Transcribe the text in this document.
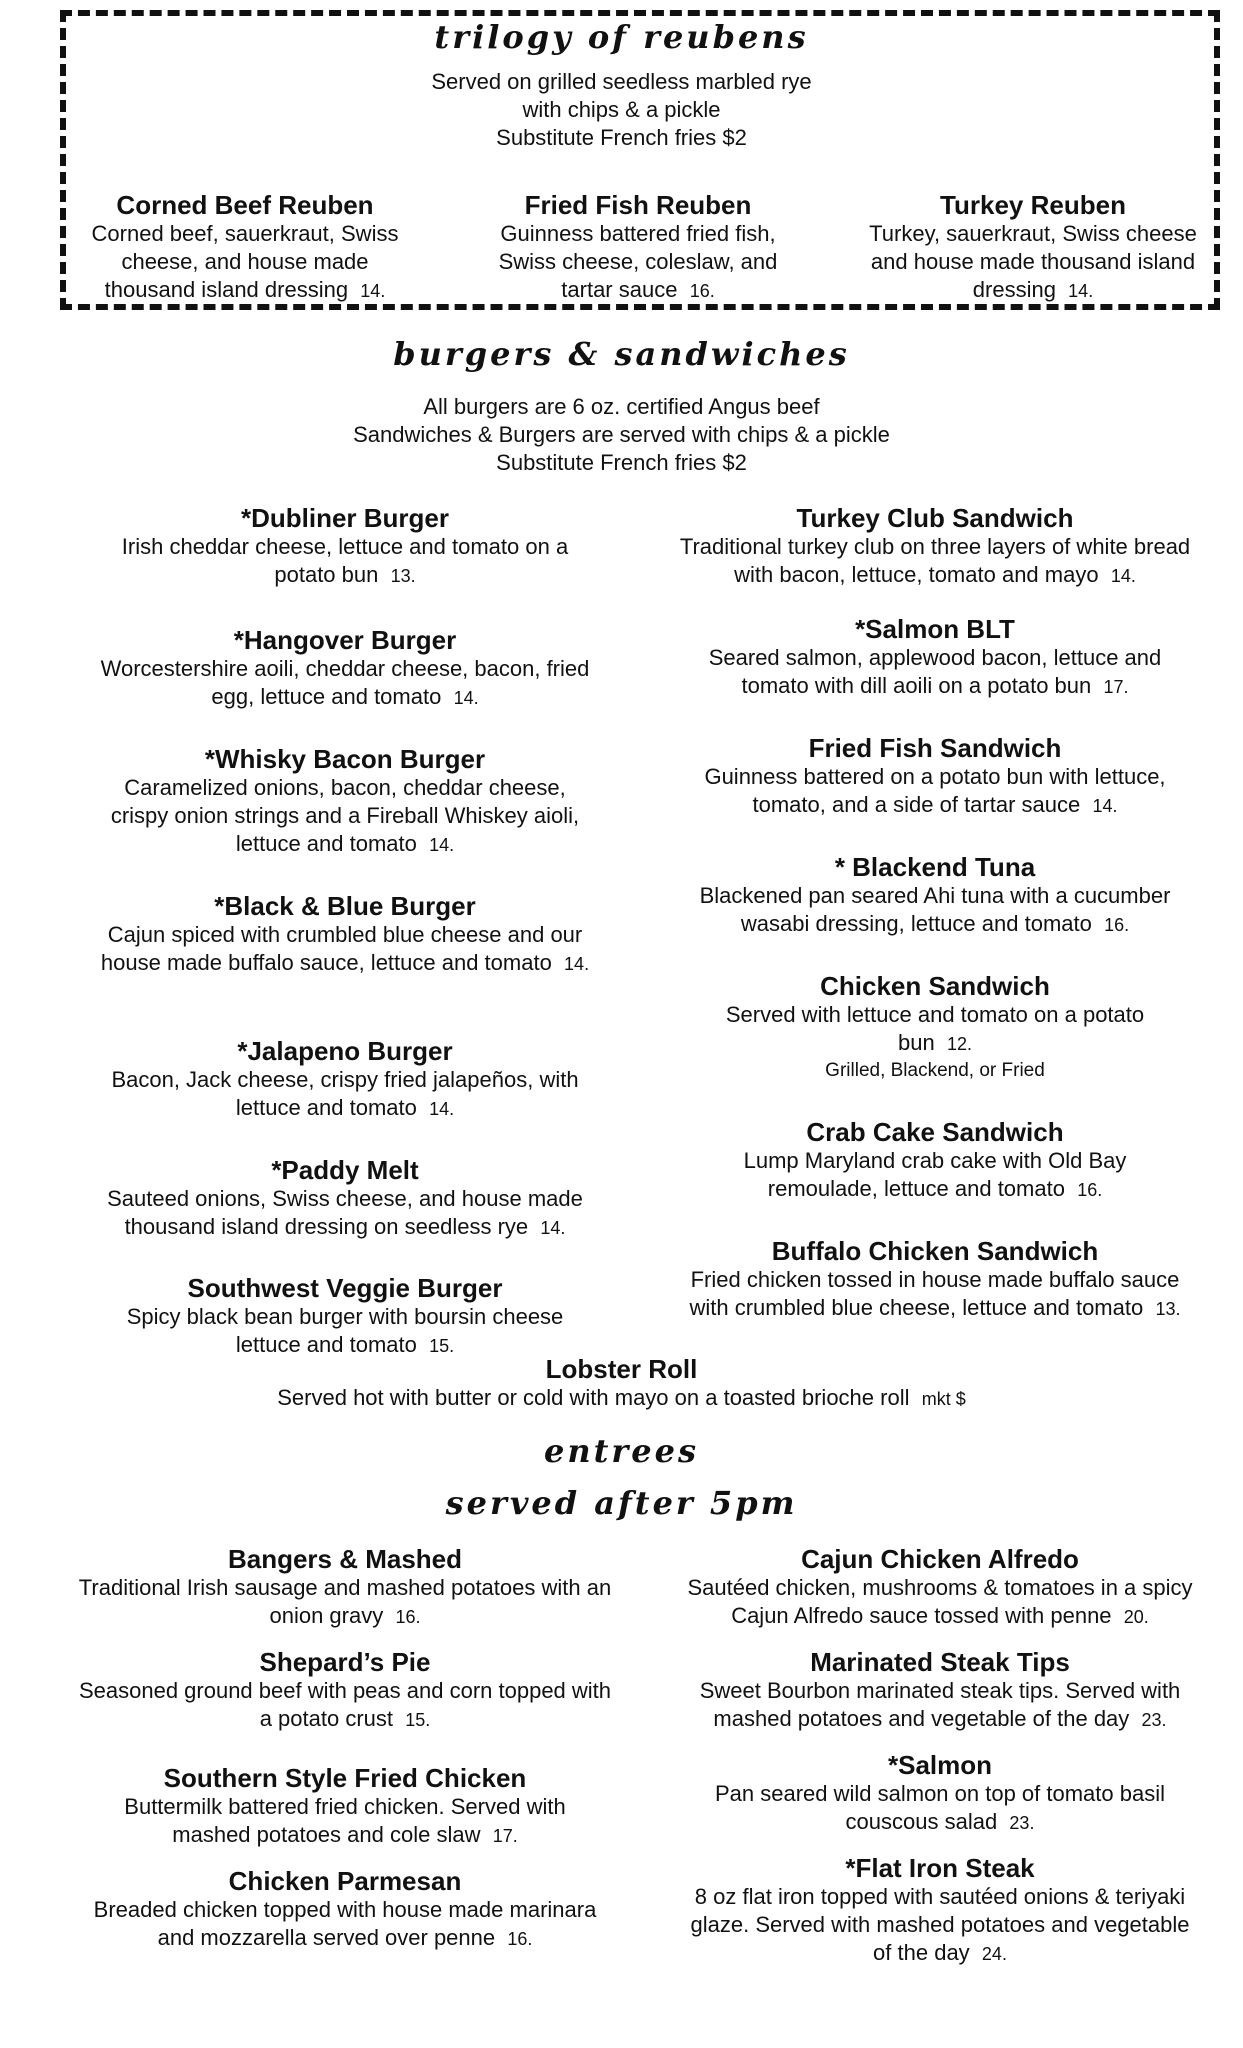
trilogy of reubens
Served on grilled seedless marbled rye
with chips & a pickle
Substitute French fries $2
Corned Beef Reuben
Corned beef, sauerkraut, Swiss cheese, and house made thousand island dressing 14.
Fried Fish Reuben
Guinness battered fried fish, Swiss cheese, coleslaw, and tartar sauce 16.
Turkey Reuben
Turkey, sauerkraut, Swiss cheese and house made thousand island dressing 14.
burgers & sandwiches
All burgers are 6 oz. certified Angus beef
Sandwiches & Burgers are served with chips & a pickle
Substitute French fries $2
*Dubliner Burger
Irish cheddar cheese, lettuce and tomato on a potato bun 13.
*Hangover Burger
Worcestershire aoili, cheddar cheese, bacon, fried egg, lettuce and tomato 14.
*Whisky Bacon Burger
Caramelized onions, bacon, cheddar cheese, crispy onion strings and a Fireball Whiskey aioli, lettuce and tomato 14.
*Black & Blue Burger
Cajun spiced with crumbled blue cheese and our house made buffalo sauce, lettuce and tomato 14.
*Jalapeno Burger
Bacon, Jack cheese, crispy fried jalapeños, with lettuce and tomato 14.
*Paddy Melt
Sauteed onions, Swiss cheese, and house made thousand island dressing on seedless rye 14.
Southwest Veggie Burger
Spicy black bean burger with boursin cheese lettuce and tomato 15.
Turkey Club Sandwich
Traditional turkey club on three layers of white bread with bacon, lettuce, tomato and mayo 14.
*Salmon BLT
Seared salmon, applewood bacon, lettuce and tomato with dill aoili on a potato bun 17.
Fried Fish Sandwich
Guinness battered on a potato bun with lettuce, tomato, and a side of tartar sauce 14.
* Blackend Tuna
Blackened pan seared Ahi tuna with a cucumber wasabi dressing, lettuce and tomato 16.
Chicken Sandwich
Served with lettuce and tomato on a potato bun 12.
Grilled, Blackend, or Fried
Crab Cake Sandwich
Lump Maryland crab cake with Old Bay remoulade, lettuce and tomato 16.
Buffalo Chicken Sandwich
Fried chicken tossed in house made buffalo sauce with crumbled blue cheese, lettuce and tomato 13.
Lobster Roll
Served hot with butter or cold with mayo on a toasted brioche roll mkt $
entrees
served after 5pm
Bangers & Mashed
Traditional Irish sausage and mashed potatoes with an onion gravy 16.
Shepard’s Pie
Seasoned ground beef with peas and corn topped with a potato crust 15.
Southern Style Fried Chicken
Buttermilk battered fried chicken. Served with mashed potatoes and cole slaw 17.
Chicken Parmesan
Breaded chicken topped with house made marinara and mozzarella served over penne 16.
Cajun Chicken Alfredo
Sautéed chicken, mushrooms & tomatoes in a spicy Cajun Alfredo sauce tossed with penne 20.
Marinated Steak Tips
Sweet Bourbon marinated steak tips. Served with mashed potatoes and vegetable of the day 23.
*Salmon
Pan seared wild salmon on top of tomato basil couscous salad 23.
*Flat Iron Steak
8 oz flat iron topped with sautéed onions & teriyaki glaze. Served with mashed potatoes and vegetable of the day 24.
